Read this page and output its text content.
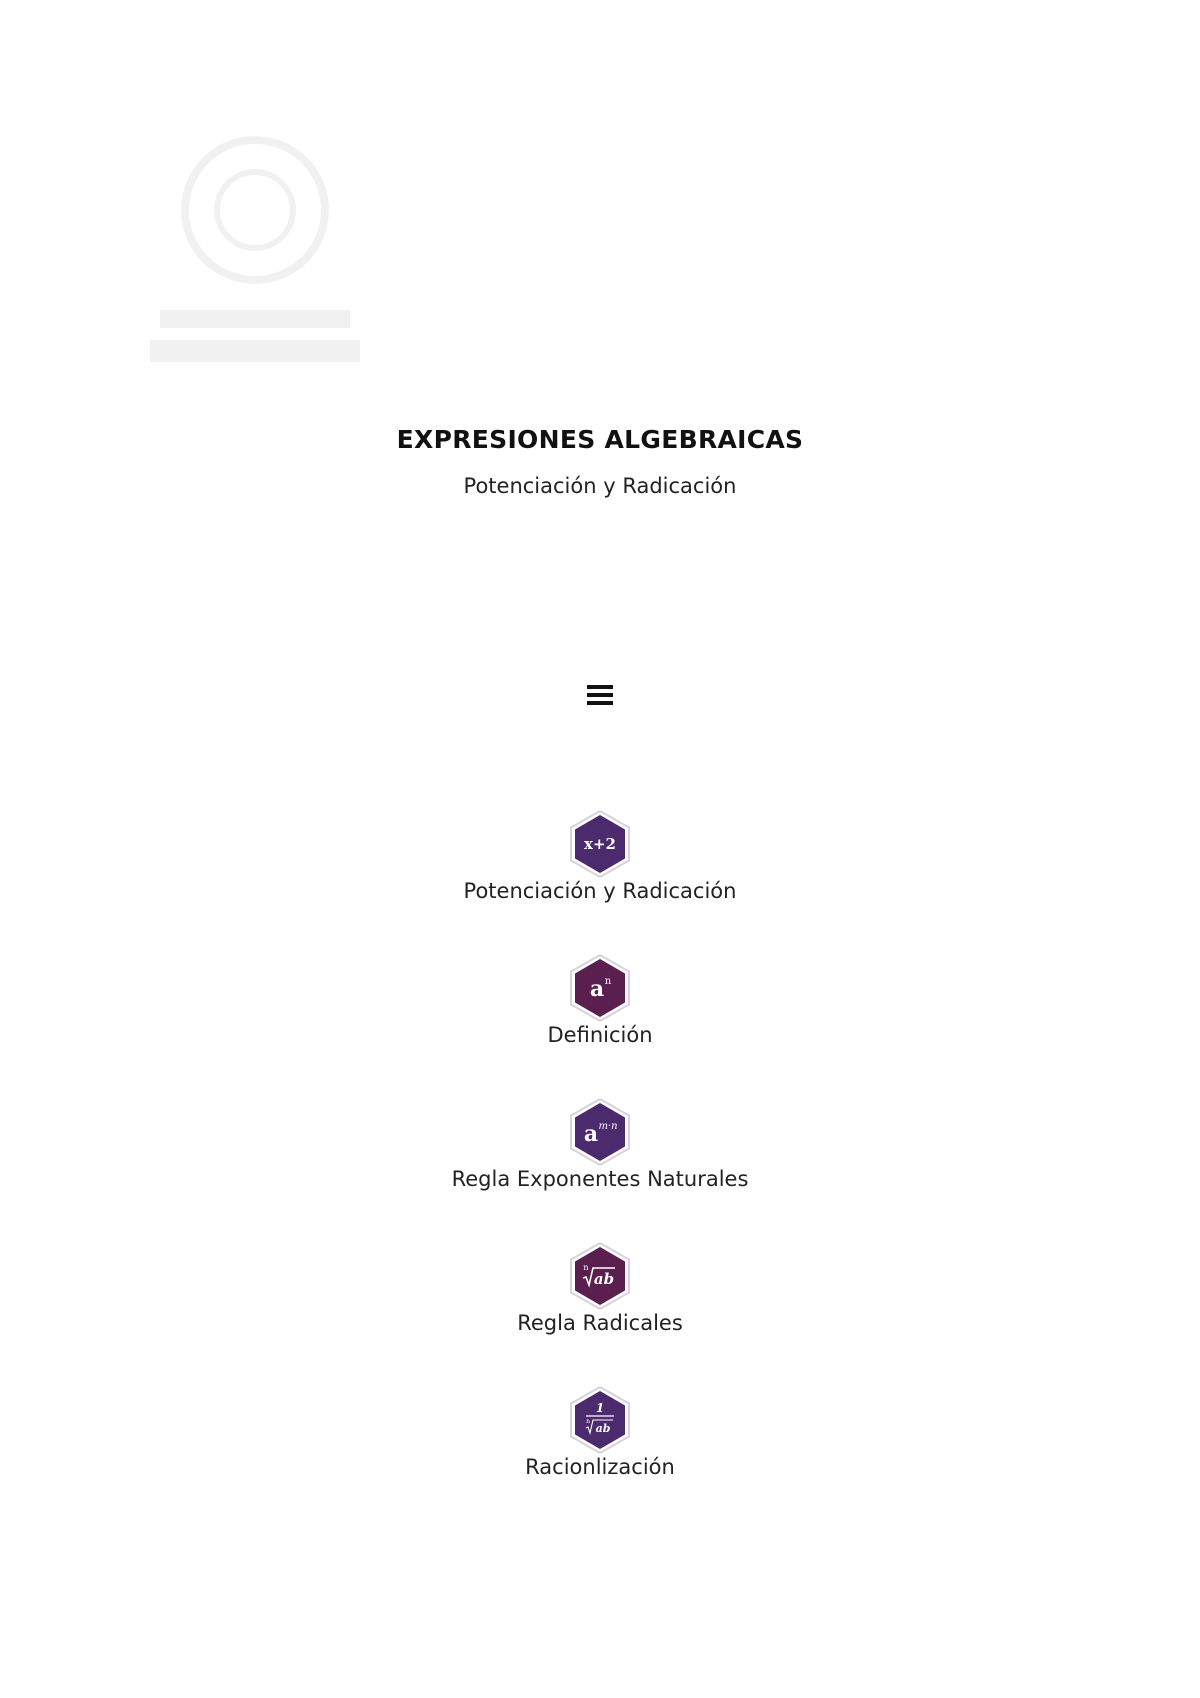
EXPRESIONES ALGEBRAICAS
Potenciación y Radicación
x+2
Potenciación y Radicación
a n
Definición
a m·n
Regla Exponentes Naturales
n
ab
Regla Radicales
1
n
ab
Racionlización
